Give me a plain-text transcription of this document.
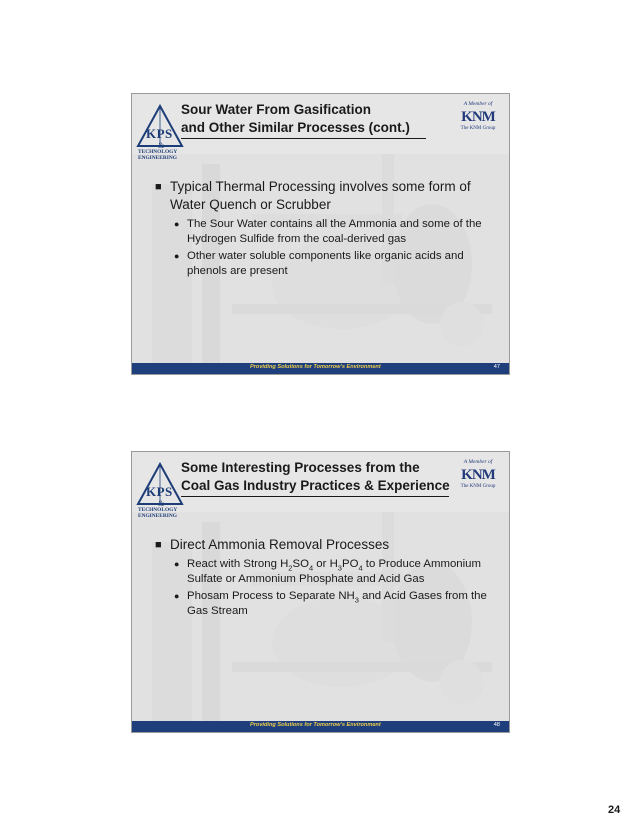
KPS
&
TECHNOLOGY
ENGINEERING
Sour Water From Gasification
and Other Similar Processes (cont.)
A Member of
KNM
The KNM Group
■ Typical Thermal Processing involves some form of Water Quench or Scrubber
● The Sour Water contains all the Ammonia and some of the Hydrogen Sulfide from the coal-derived gas
● Other water soluble components like organic acids and phenols are present
Providing Solutions for Tomorrow's Environment	47
KPS
&
TECHNOLOGY
ENGINEERING
Some Interesting Processes from the
Coal Gas Industry Practices & Experience
A Member of
KNM
The KNM Group
■ Direct Ammonia Removal Processes
● React with Strong $H_2SO_4$ or $H_3PO_4$ to Produce Ammonium Sulfate or Ammonium Phosphate and Acid Gas
● Phosam Process to Separate $NH_3$ and Acid Gases from the Gas Stream
Providing Solutions for Tomorrow's Environment	48
24
